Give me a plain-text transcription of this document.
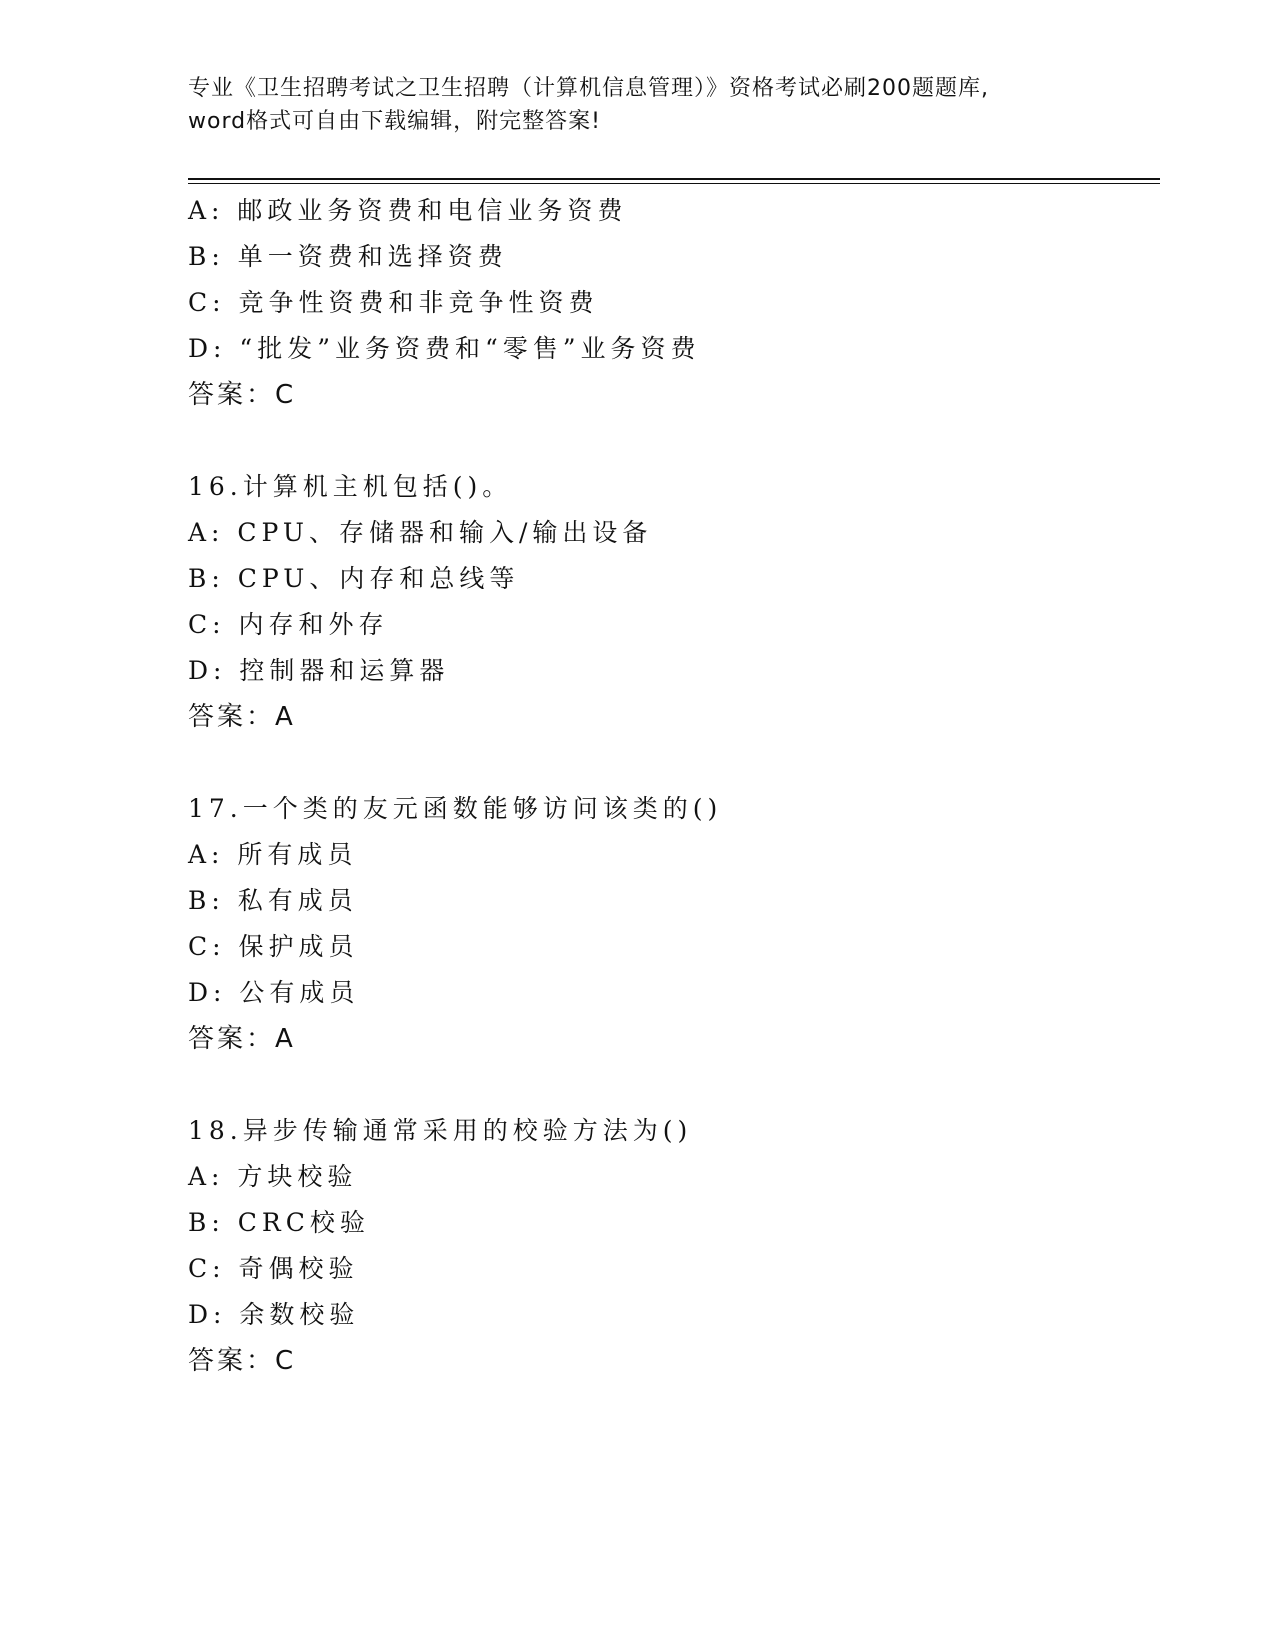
专业《卫生招聘考试之卫生招聘（计算机信息管理）》资格考试必刷200题题库,
word格式可自由下载编辑，附完整答案!
A: 邮政业务资费和电信业务资费
B: 单一资费和选择资费
C: 竞争性资费和非竞争性资费
D: “批发”业务资费和“零售”业务资费
答案：C
16.计算机主机包括()。
A: CPU、存储器和输入/输出设备
B: CPU、内存和总线等
C: 内存和外存
D: 控制器和运算器
答案：A
17.一个类的友元函数能够访问该类的()
A: 所有成员
B: 私有成员
C: 保护成员
D: 公有成员
答案：A
18.异步传输通常采用的校验方法为()
A: 方块校验
B: CRC校验
C: 奇偶校验
D: 余数校验
答案：C
